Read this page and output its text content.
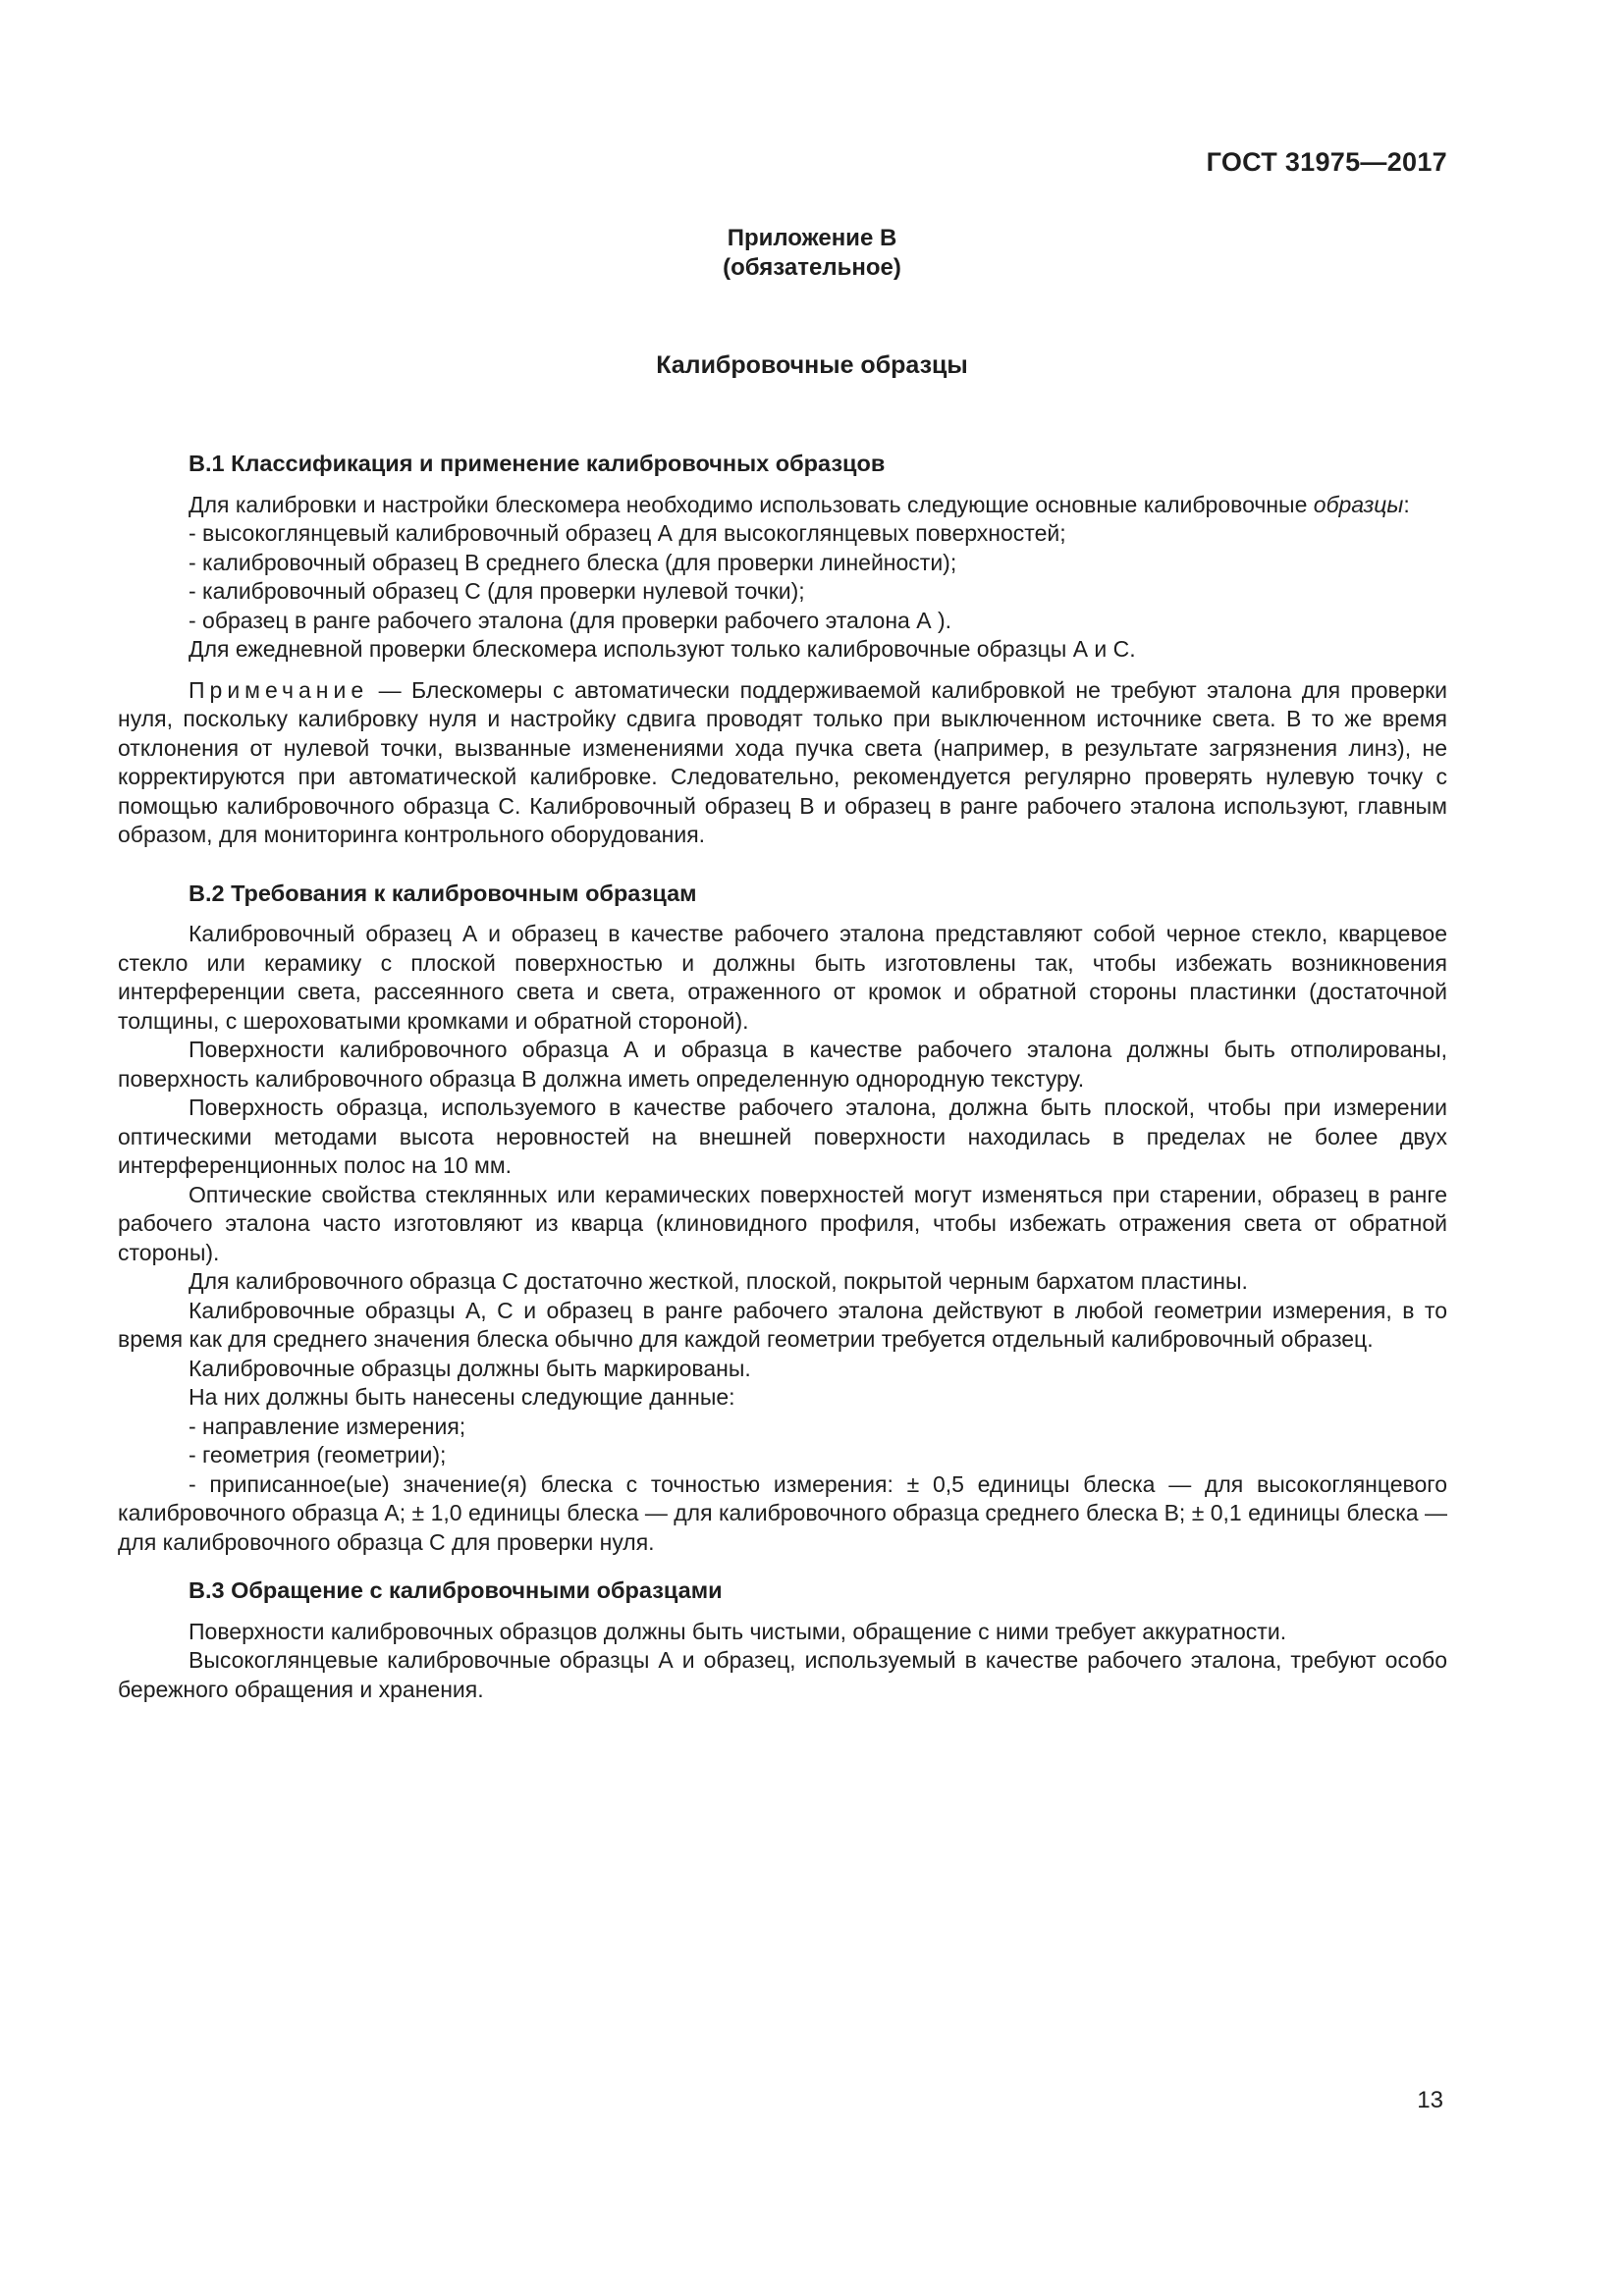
ГОСТ 31975—2017
Приложение В
(обязательное)
Калибровочные образцы
В.1 Классификация и применение калибровочных образцов

Для калибровки и настройки блескомера необходимо использовать следующие основные калибровочные образцы:

- высокоглянцевый калибровочный образец А для высокоглянцевых поверхностей;

- калибровочный образец В среднего блеска (для проверки линейности);

- калибровочный образец С (для проверки нулевой точки);

- образец в ранге рабочего эталона (для проверки рабочего эталона А ).

Для ежедневной проверки блескомера используют только калибровочные образцы А и С.

Примечание — Блескомеры с автоматически поддерживаемой калибровкой не требуют эталона для проверки нуля, поскольку калибровку нуля и настройку сдвига проводят только при выключенном источнике света. В то же время отклонения от нулевой точки, вызванные изменениями хода пучка света (например, в результате загрязнения линз), не корректируются при автоматической калибровке. Следовательно, рекомендуется регулярно проверять нулевую точку с помощью калибровочного образца С. Калибровочный образец В и образец в ранге рабочего эталона используют, главным образом, для мониторинга контрольного оборудования.

В.2 Требования к калибровочным образцам

Калибровочный образец А и образец в качестве рабочего эталона представляют собой черное стекло, кварцевое стекло или керамику с плоской поверхностью и должны быть изготовлены так, чтобы избежать возникновения интерференции света, рассеянного света и света, отраженного от кромок и обратной стороны пластинки (достаточной толщины, с шероховатыми кромками и обратной стороной).

Поверхности калибровочного образца А и образца в качестве рабочего эталона должны быть отполированы, поверхность калибровочного образца В должна иметь определенную однородную текстуру.

Поверхность образца, используемого в качестве рабочего эталона, должна быть плоской, чтобы при измерении оптическими методами высота неровностей на внешней поверхности находилась в пределах не более двух интерференционных полос на 10 мм.

Оптические свойства стеклянных или керамических поверхностей могут изменяться при старении, образец в ранге рабочего эталона часто изготовляют из кварца (клиновидного профиля, чтобы избежать отражения света от обратной стороны).

Для калибровочного образца С достаточно жесткой, плоской, покрытой черным бархатом пластины.

Калибровочные образцы А, С и образец в ранге рабочего эталона действуют в любой геометрии измерения, в то время как для среднего значения блеска обычно для каждой геометрии требуется отдельный калибровочный образец.

Калибровочные образцы должны быть маркированы.

На них должны быть нанесены следующие данные:

- направление измерения;

- геометрия (геометрии);

- приписанное(ые) значение(я) блеска с точностью измерения: ± 0,5 единицы блеска — для высокоглянцевого калибровочного образца А; ± 1,0 единицы блеска — для калибровочного образца среднего блеска В; ± 0,1 единицы блеска — для калибровочного образца С для проверки нуля.

В.3 Обращение с калибровочными образцами

Поверхности калибровочных образцов должны быть чистыми, обращение с ними требует аккуратности.

Высокоглянцевые калибровочные образцы А и образец, используемый в качестве рабочего эталона, требуют особо бережного обращения и хранения.

13
